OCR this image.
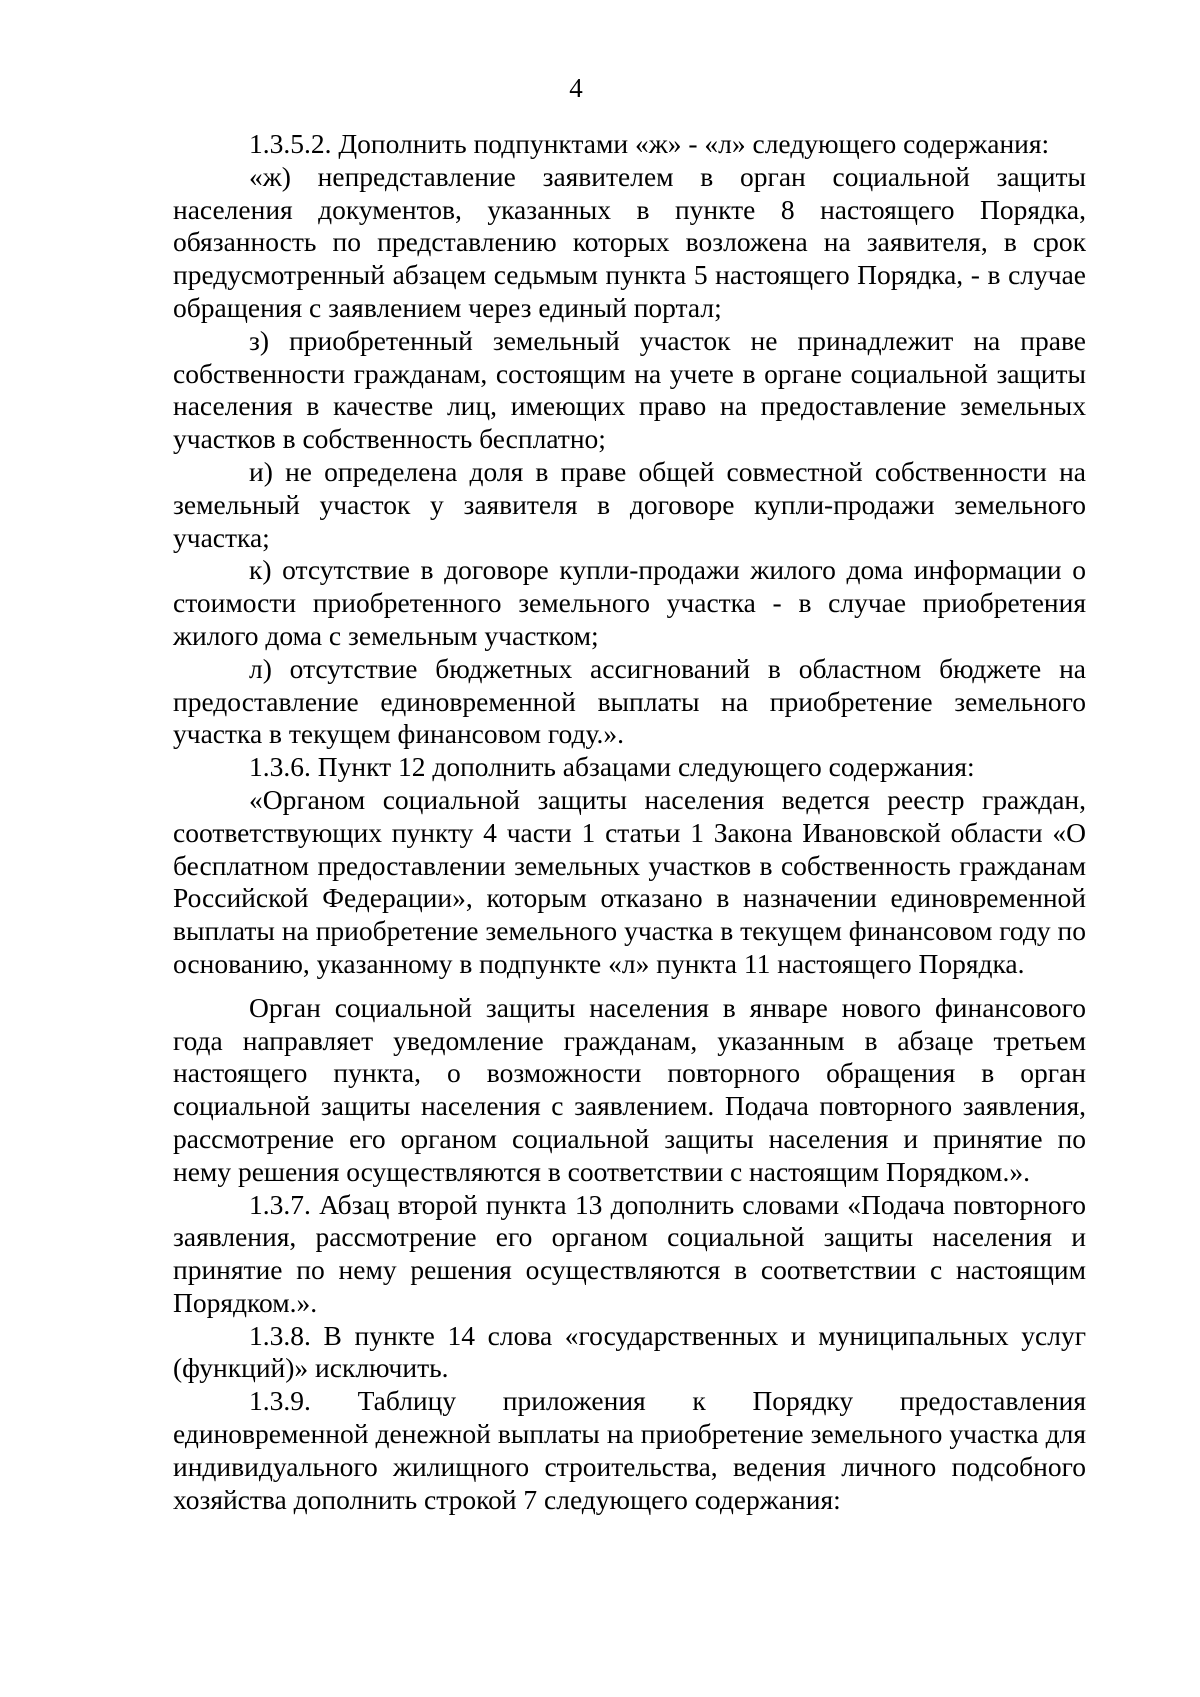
4

1.3.5.2. Дополнить подпунктами «ж» - «л» следующего содержания:

«ж) непредставление заявителем в орган социальной защиты населения документов, указанных в пункте 8 настоящего Порядка, обязанность по представлению которых возложена на заявителя, в срок предусмотренный абзацем седьмым пункта 5 настоящего Порядка, - в случае обращения с заявлением через единый портал;

з) приобретенный земельный участок не принадлежит на праве собственности гражданам, состоящим на учете в органе социальной защиты населения в качестве лиц, имеющих право на предоставление земельных участков в собственность бесплатно;

и) не определена доля в праве общей совместной собственности на земельный участок у заявителя в договоре купли-продажи земельного участка;

к) отсутствие в договоре купли-продажи жилого дома информации о стоимости приобретенного земельного участка - в случае приобретения жилого дома с земельным участком;

л) отсутствие бюджетных ассигнований в областном бюджете на предоставление единовременной выплаты на приобретение земельного участка в текущем финансовом году.».

1.3.6. Пункт 12 дополнить абзацами следующего содержания:

«Органом социальной защиты населения ведется реестр граждан, соответствующих пункту 4 части 1 статьи 1 Закона Ивановской области «О бесплатном предоставлении земельных участков в собственность гражданам Российской Федерации», которым отказано в назначении единовременной выплаты на приобретение земельного участка в текущем финансовом году по основанию, указанному в подпункте «л» пункта 11 настоящего Порядка.

Орган социальной защиты населения в январе нового финансового года направляет уведомление гражданам, указанным в абзаце третьем настоящего пункта, о возможности повторного обращения в орган социальной защиты населения с заявлением. Подача повторного заявления, рассмотрение его органом социальной защиты населения и принятие по нему решения осуществляются в соответствии с настоящим Порядком.».

1.3.7. Абзац второй пункта 13 дополнить словами «Подача повторного заявления, рассмотрение его органом социальной защиты населения и принятие по нему решения осуществляются в соответствии с настоящим Порядком.».

1.3.8. В пункте 14 слова «государственных и муниципальных услуг (функций)» исключить.

1.3.9. Таблицу приложения к Порядку предоставления единовременной денежной выплаты на приобретение земельного участка для индивидуального жилищного строительства, ведения личного подсобного хозяйства дополнить строкой 7 следующего содержания:
